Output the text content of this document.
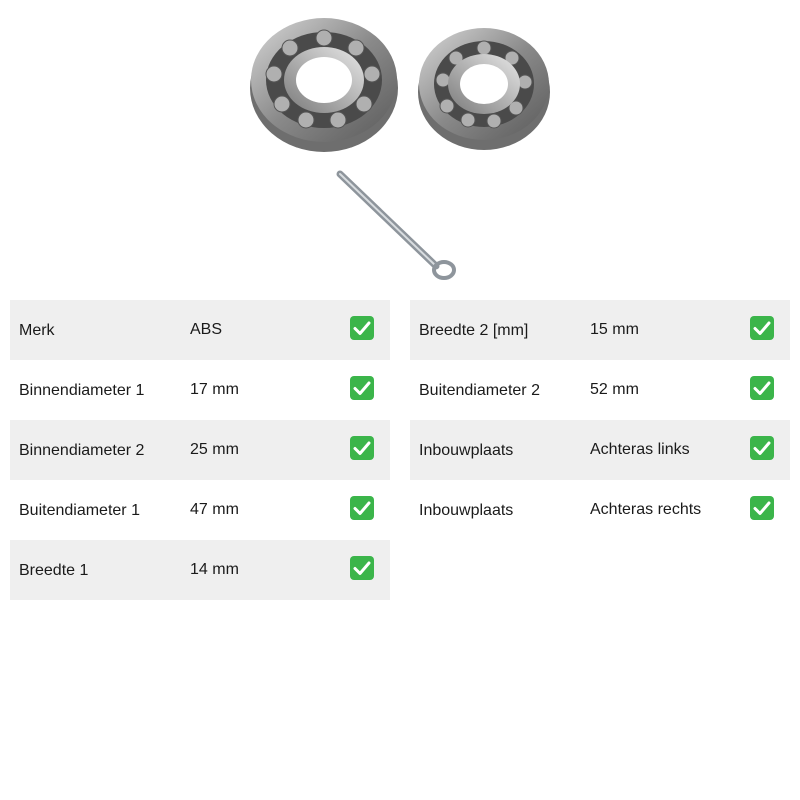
Merk	ABS
Binnendiameter 1	17 mm
Binnendiameter 2	25 mm
Buitendiameter 1	47 mm
Breedte 1	14 mm
Breedte 2 [mm]	15 mm
Buitendiameter 2	52 mm
Inbouwplaats	Achteras links
Inbouwplaats	Achteras rechts
